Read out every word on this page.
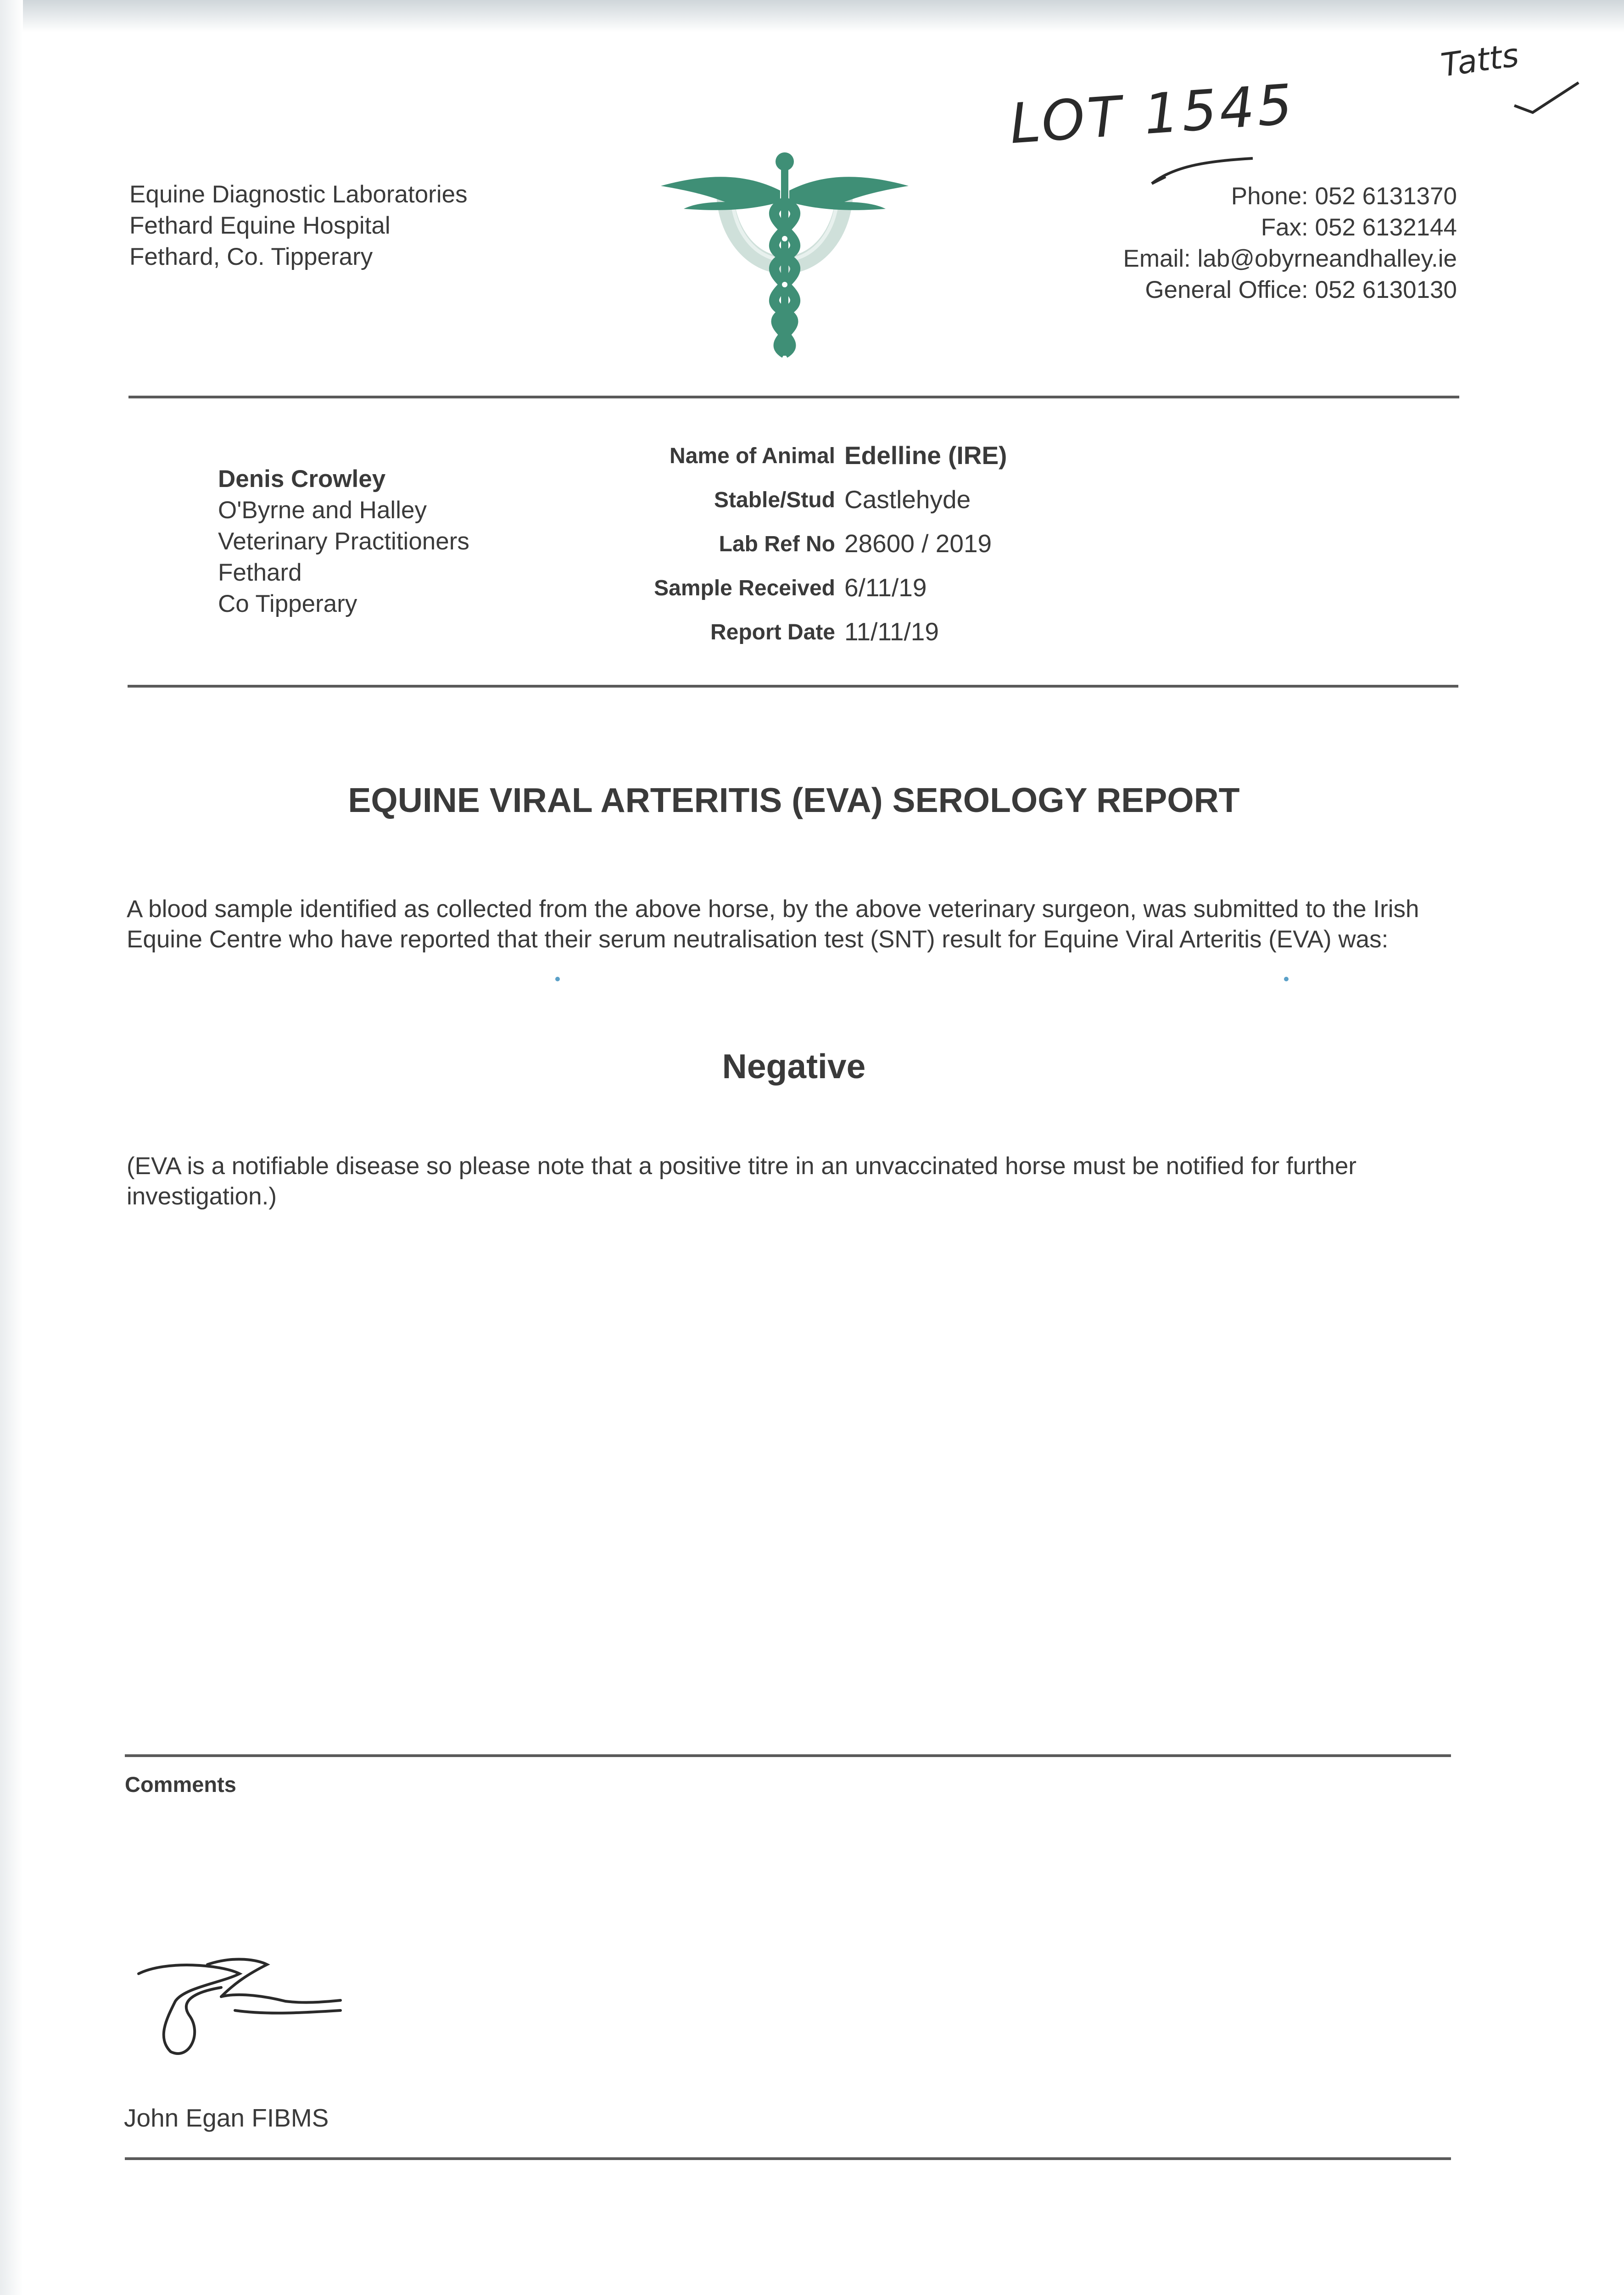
Equine Diagnostic Laboratories
Fethard Equine Hospital
Fethard, Co. Tipperary
LOT 1545
Tatts
Phone: 052 6131370
Fax: 052 6132144
Email: lab@obyrneandhalley.ie
General Office: 052 6130130
Denis Crowley
O'Byrne and Halley
Veterinary Practitioners
Fethard
Co Tipperary
Name of Animal Edelline (IRE)
Stable/Stud Castlehyde
Lab Ref No 28600 / 2019
Sample Received 6/11/19
Report Date 11/11/19
EQUINE VIRAL ARTERITIS (EVA) SEROLOGY REPORT
A blood sample identified as collected from the above horse, by the above veterinary surgeon, was submitted to the Irish Equine Centre who have reported that their serum neutralisation test (SNT) result for Equine Viral Arteritis (EVA) was:
Negative
(EVA is a notifiable disease so please note that a positive titre in an unvaccinated horse must be notified for further investigation.)
Comments
John Egan FIBMS
